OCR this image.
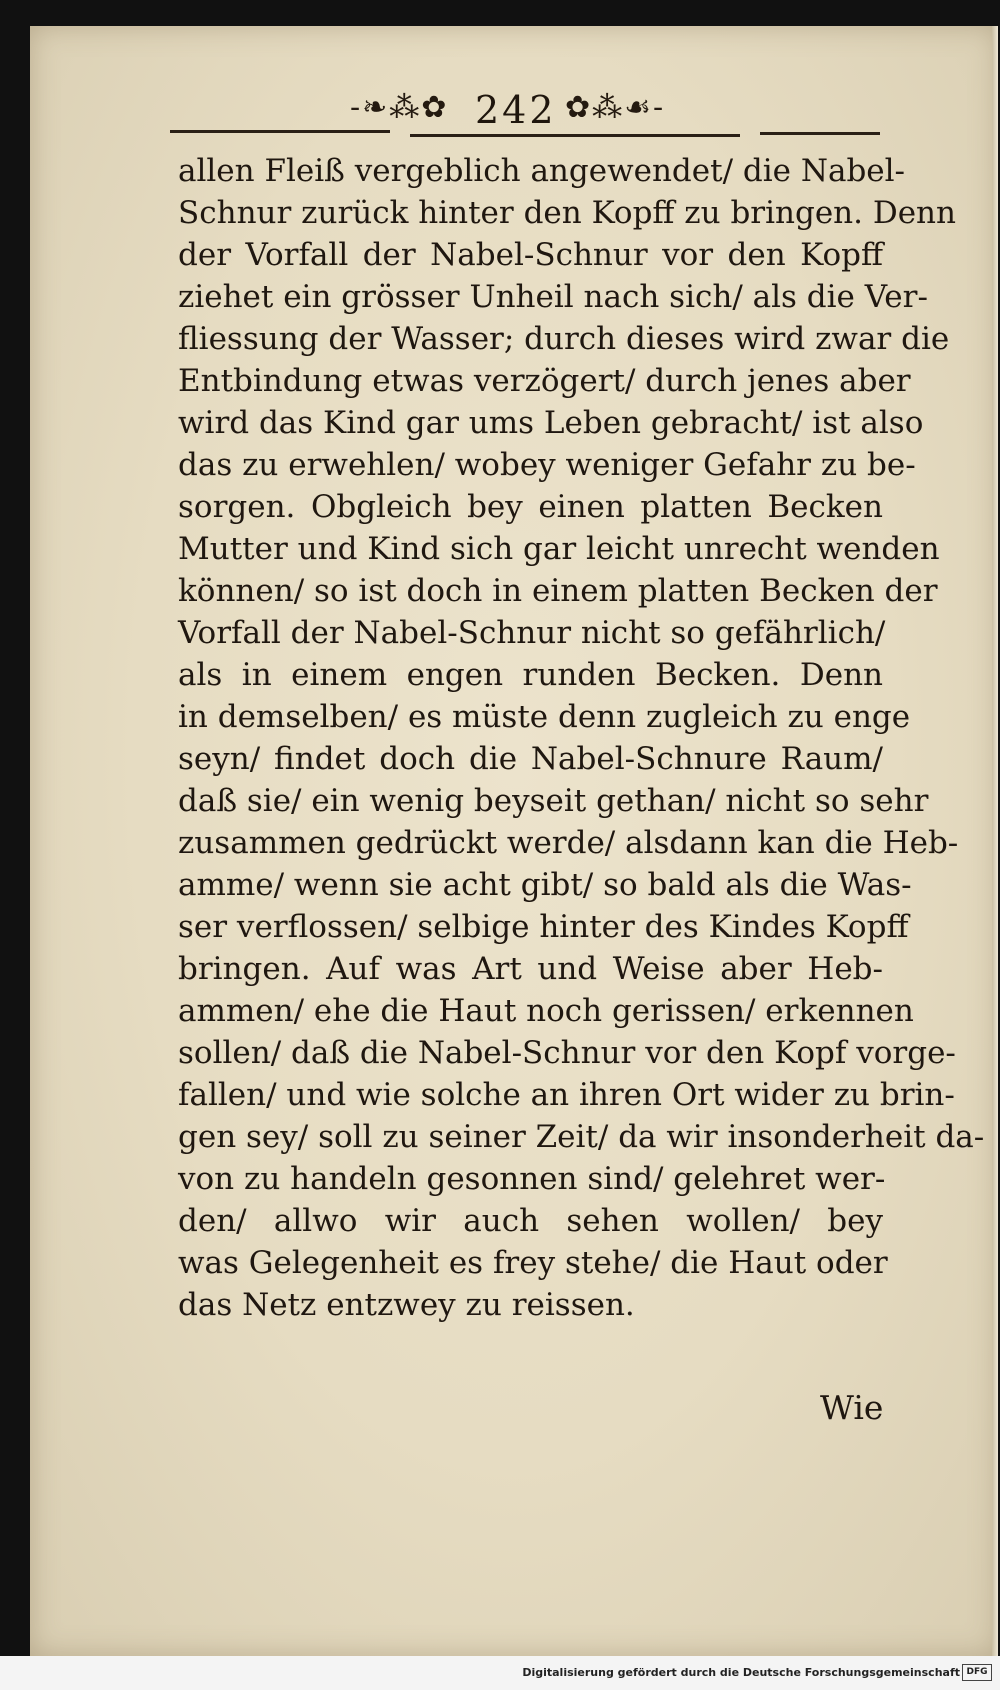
-❧⁂✿ 242 ✿⁂☙-
allen Fleiß vergeblich angewendet/ die Nabel-
Schnur zurück hinter den Kopff zu bringen. Denn
der Vorfall der Nabel-Schnur vor den Kopff
ziehet ein grösser Unheil nach sich/ als die Ver-
fliessung der Wasser; durch dieses wird zwar die
Entbindung etwas verzögert/ durch jenes aber
wird das Kind gar ums Leben gebracht/ ist also
das zu erwehlen/ wobey weniger Gefahr zu be-
sorgen. Obgleich bey einen platten Becken
Mutter und Kind sich gar leicht unrecht wenden
können/ so ist doch in einem platten Becken der
Vorfall der Nabel-Schnur nicht so gefährlich/
als in einem engen runden Becken. Denn
in demselben/ es müste denn zugleich zu enge
seyn/ findet doch die Nabel-Schnure Raum/
daß sie/ ein wenig beyseit gethan/ nicht so sehr
zusammen gedrückt werde/ alsdann kan die Heb-
amme/ wenn sie acht gibt/ so bald als die Was-
ser verflossen/ selbige hinter des Kindes Kopff
bringen. Auf was Art und Weise aber Heb-
ammen/ ehe die Haut noch gerissen/ erkennen
sollen/ daß die Nabel-Schnur vor den Kopf vorge-
fallen/ und wie solche an ihren Ort wider zu brin-
gen sey/ soll zu seiner Zeit/ da wir insonderheit da-
von zu handeln gesonnen sind/ gelehret wer-
den/ allwo wir auch sehen wollen/ bey
was Gelegenheit es frey stehe/ die Haut oder
das Netz entzwey zu reissen.
Wie
Digitalisierung gefördert durch die Deutsche Forschungsgemeinschaft DFG
